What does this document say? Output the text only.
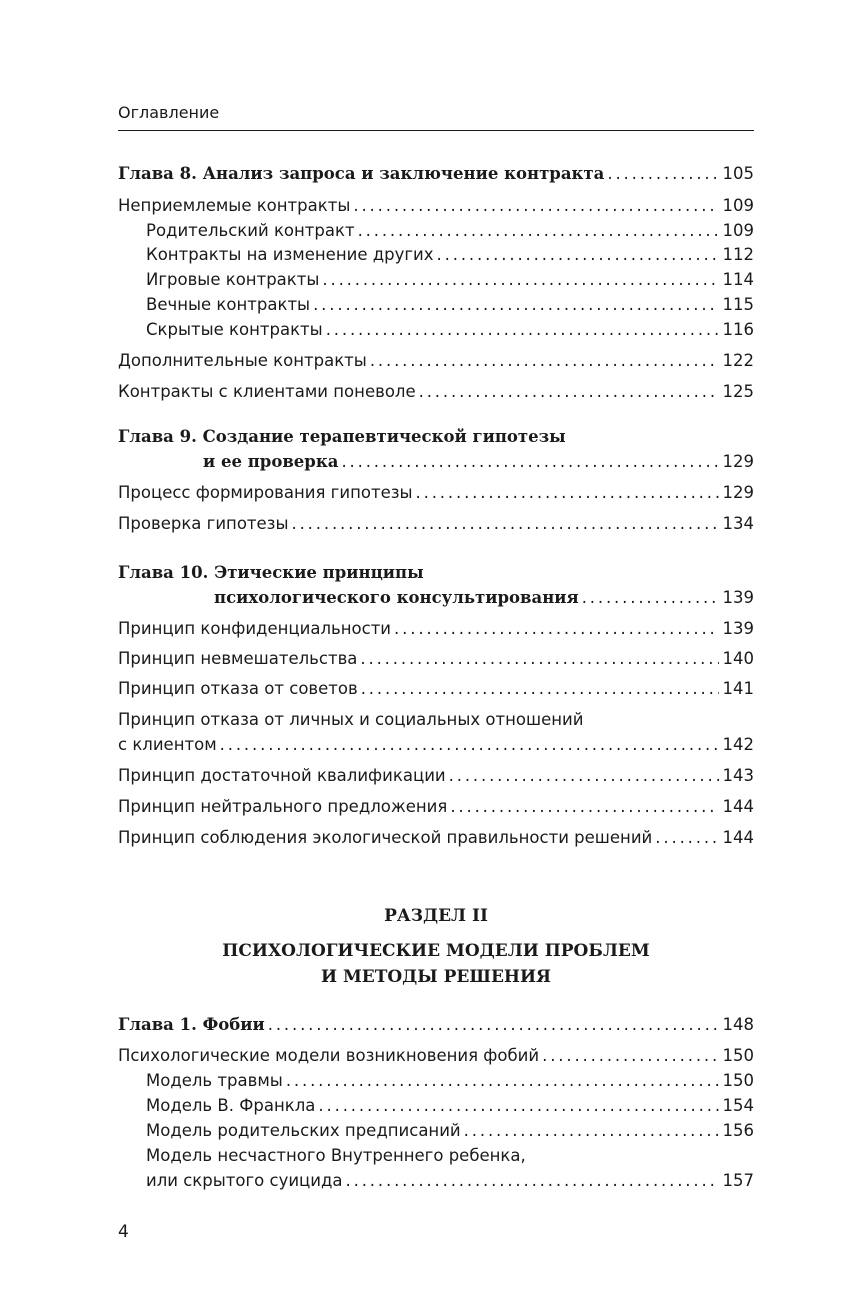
Оглавление
Глава 8. Анализ запроса и заключение контракта . . .	105
Неприемлемые контракты . . .	109
Родительский контракт . . .	109
Контракты на изменение других . . .	112
Игровые контракты . . .	114
Вечные контракты . . .	115
Скрытые контракты . . .	116
Дополнительные контракты . . .	122
Контракты с клиентами поневоле . . .	125
Глава 9. Создание терапевтической гипотезы
и ее проверка . . .	129
Процесс формирования гипотезы . . .	129
Проверка гипотезы . . .	134
Глава 10. Этические принципы
психологического консультирования . . .	139
Принцип конфиденциальности . . .	139
Принцип невмешательства . . .	140
Принцип отказа от советов . . .	141
Принцип отказа от личных и социальных отношений
с клиентом . . .	142
Принцип достаточной квалификации . . .	143
Принцип нейтрального предложения . . .	144
Принцип соблюдения экологической правильности решений . . .	144
РАЗДЕЛ II
ПСИХОЛОГИЧЕСКИЕ МОДЕЛИ ПРОБЛЕМ
И МЕТОДЫ РЕШЕНИЯ
Глава 1. Фобии . . .	148
Психологические модели возникновения фобий . . .	150
Модель травмы . . .	150
Модель В. Франкла . . .	154
Модель родительских предписаний . . .	156
Модель несчастного Внутреннего ребенка,
или скрытого суицида . . .	157
4
